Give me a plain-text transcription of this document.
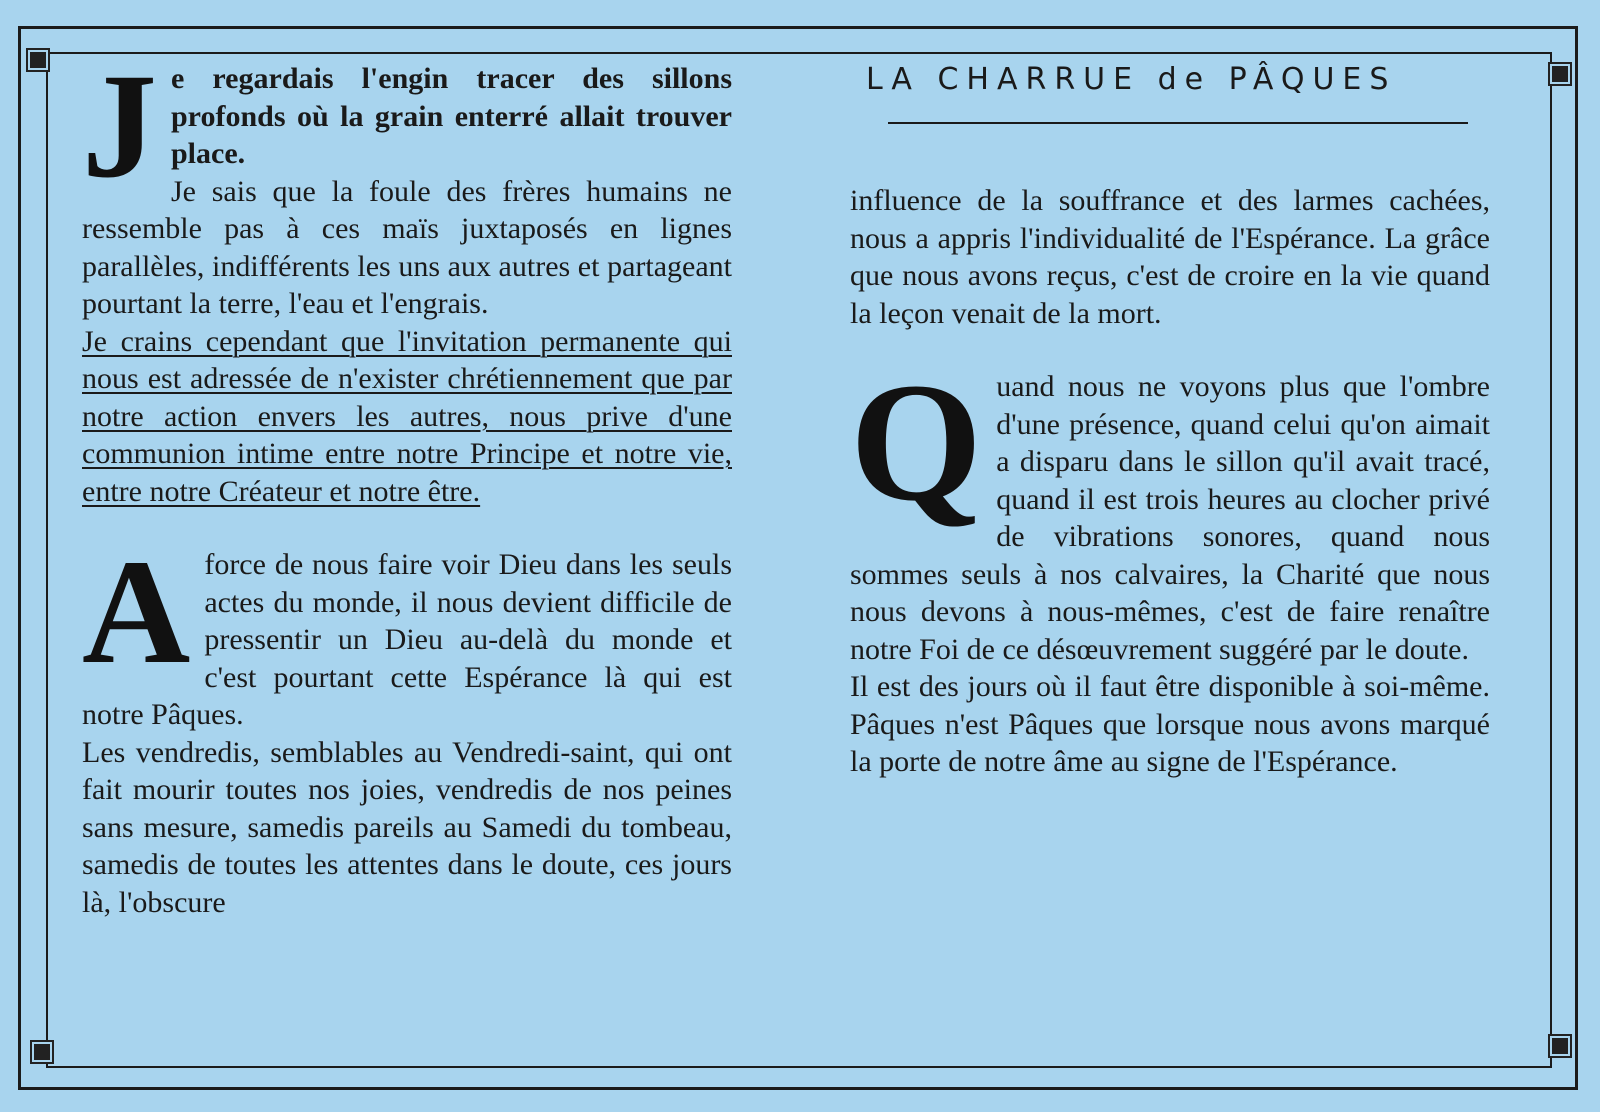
LA CHARRUE de PÂQUES

Je regardais l'engin tracer des sillons profonds où la grain enterré allait trouver place.

Je sais que la foule des frères humains ne ressemble pas à ces maïs juxtaposés en lignes parallèles, indifférents les uns aux autres et partageant pourtant la terre, l'eau et l'engrais.

Je crains cependant que l'invitation permanente qui nous est adressée de n'exister chrétiennement que par notre action envers les autres, nous prive d'une communion intime entre notre Principe et notre vie, entre notre Créateur et notre être.

Aforce de nous faire voir Dieu dans les seuls actes du monde, il nous devient difficile de pressentir un Dieu au-delà du monde et c'est pourtant cette Espérance là qui est notre Pâques.

Les vendredis, semblables au Vendredi-saint, qui ont fait mourir toutes nos joies, vendredis de nos peines sans mesure, samedis pareils au Samedi du tombeau, samedis de toutes les attentes dans le doute, ces jours là, l'obscure

influence de la souffrance et des larmes cachées, nous a appris l'individualité de l'Espérance. La grâce que nous avons reçus, c'est de croire en la vie quand la leçon venait de la mort.

Quand nous ne voyons plus que l'ombre d'une présence, quand celui qu'on aimait a disparu dans le sillon qu'il avait tracé, quand il est trois heures au clocher privé de vibrations sonores, quand nous sommes seuls à nos calvaires, la Charité que nous nous devons à nous-mêmes, c'est de faire renaître notre Foi de ce désœuvrement suggéré par le doute.

Il est des jours où il faut être disponible à soi-même. Pâques n'est Pâques que lorsque nous avons marqué la porte de notre âme au signe de l'Espérance.
